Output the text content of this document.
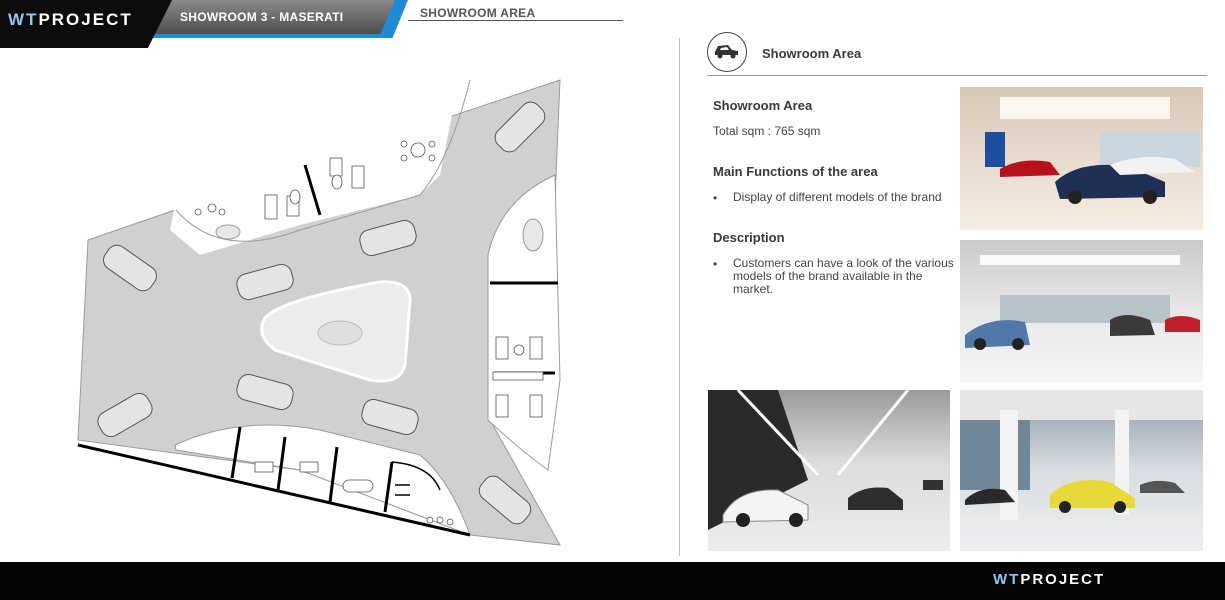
WTPROJECT	SHOWROOM 3 - MASERATI	SHOWROOM AREA
Showroom Area
Showroom Area
Total sqm : 765 sqm
Main Functions of the area
• Display of different models of the brand
Description
• Customers can have a look of the various models of the brand available in the market.
WTPROJECT
